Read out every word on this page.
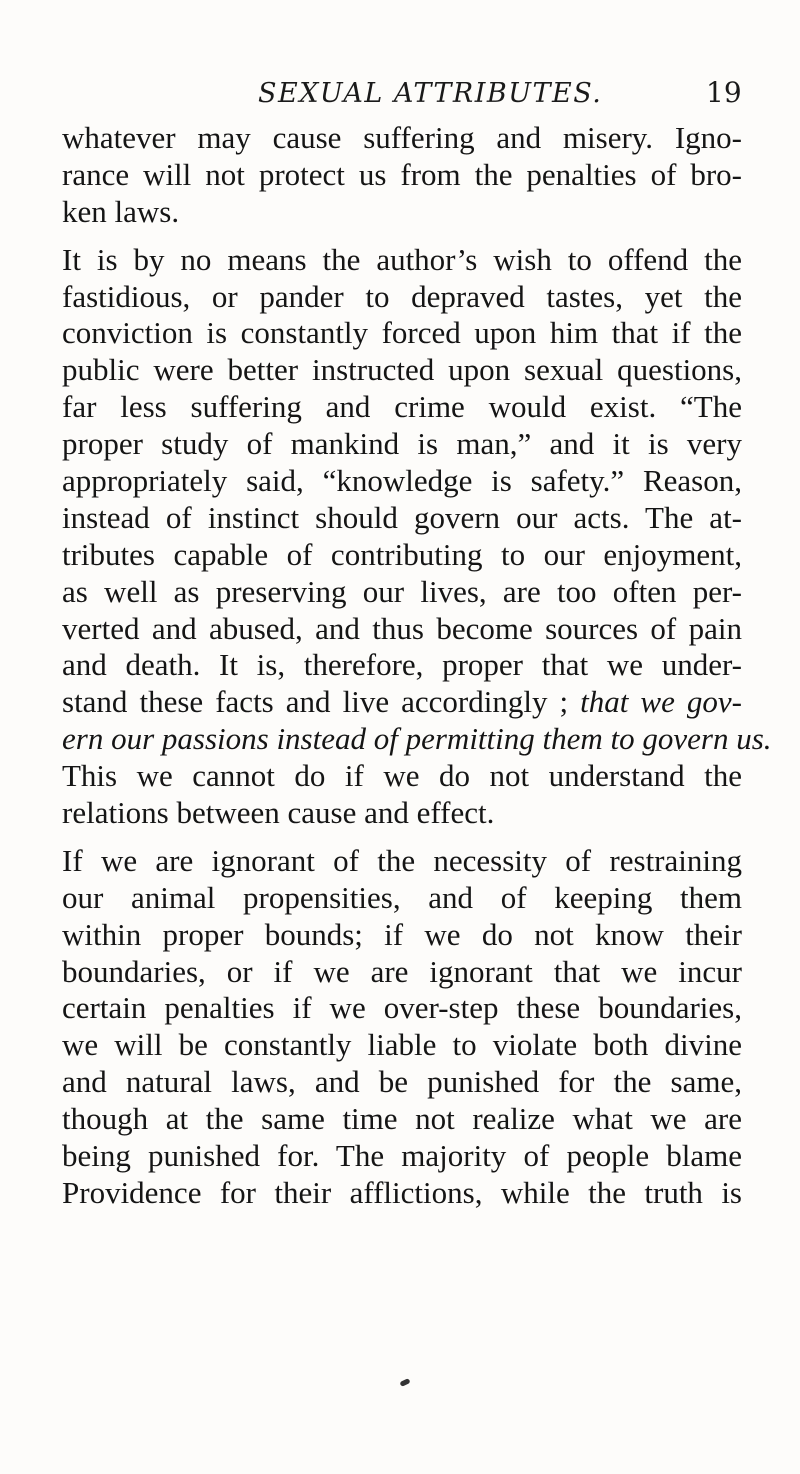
SEXUAL ATTRIBUTES.	19
whatever may cause suffering and misery. Igno-
rance will not protect us from the penalties of bro-
ken laws.
It is by no means the author’s wish to offend the
fastidious, or pander to depraved tastes, yet the
conviction is constantly forced upon him that if the
public were better instructed upon sexual questions,
far less suffering and crime would exist. “The
proper study of mankind is man,” and it is very
appropriately said, “knowledge is safety.” Reason,
instead of instinct should govern our acts. The at-
tributes capable of contributing to our enjoyment,
as well as preserving our lives, are too often per-
verted and abused, and thus become sources of pain
and death. It is, therefore, proper that we under-
stand these facts and live accordingly ; that we gov-
ern our passions instead of permitting them to govern us.
This we cannot do if we do not understand the
relations between cause and effect.
If we are ignorant of the necessity of restraining
our animal propensities, and of keeping them
within proper bounds; if we do not know their
boundaries, or if we are ignorant that we incur
certain penalties if we over-step these boundaries,
we will be constantly liable to violate both divine
and natural laws, and be punished for the same,
though at the same time not realize what we are
being punished for. The majority of people blame
Providence for their afflictions, while the truth is
